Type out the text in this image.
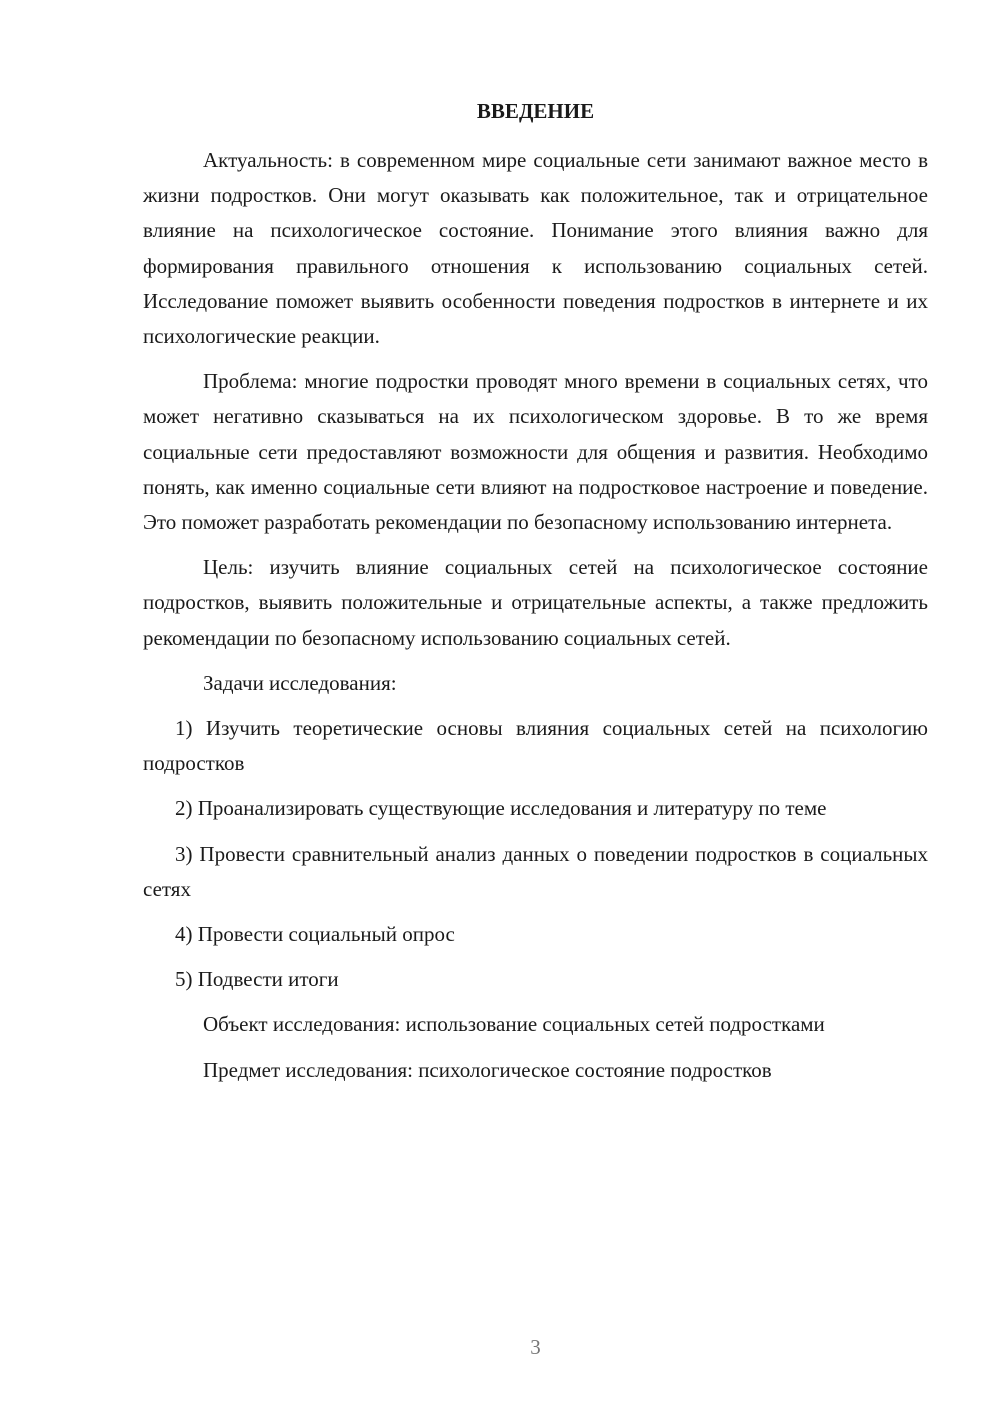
ВВЕДЕНИЕ

Актуальность: в современном мире социальные сети занимают важное место в жизни подростков. Они могут оказывать как положительное, так и отрицательное влияние на психологическое состояние. Понимание этого влияния важно для формирования правильного отношения к использованию социальных сетей. Исследование поможет выявить особенности поведения подростков в интернете и их психологические реакции.

Проблема: многие подростки проводят много времени в социальных сетях, что может негативно сказываться на их психологическом здоровье. В то же время социальные сети предоставляют возможности для общения и развития. Необходимо понять, как именно социальные сети влияют на подростковое настроение и поведение. Это поможет разработать рекомендации по безопасному использованию интернета.

Цель: изучить влияние социальных сетей на психологическое состояние подростков, выявить положительные и отрицательные аспекты, а также предложить рекомендации по безопасному использованию социальных сетей.

Задачи исследования:

1) Изучить теоретические основы влияния социальных сетей на психологию подростков

2) Проанализировать существующие исследования и литературу по теме

3) Провести сравнительный анализ данных о поведении подростков в социальных сетях

4) Провести социальный опрос

5) Подвести итоги

Объект исследования: использование социальных сетей подростками

Предмет исследования: психологическое состояние подростков

3
